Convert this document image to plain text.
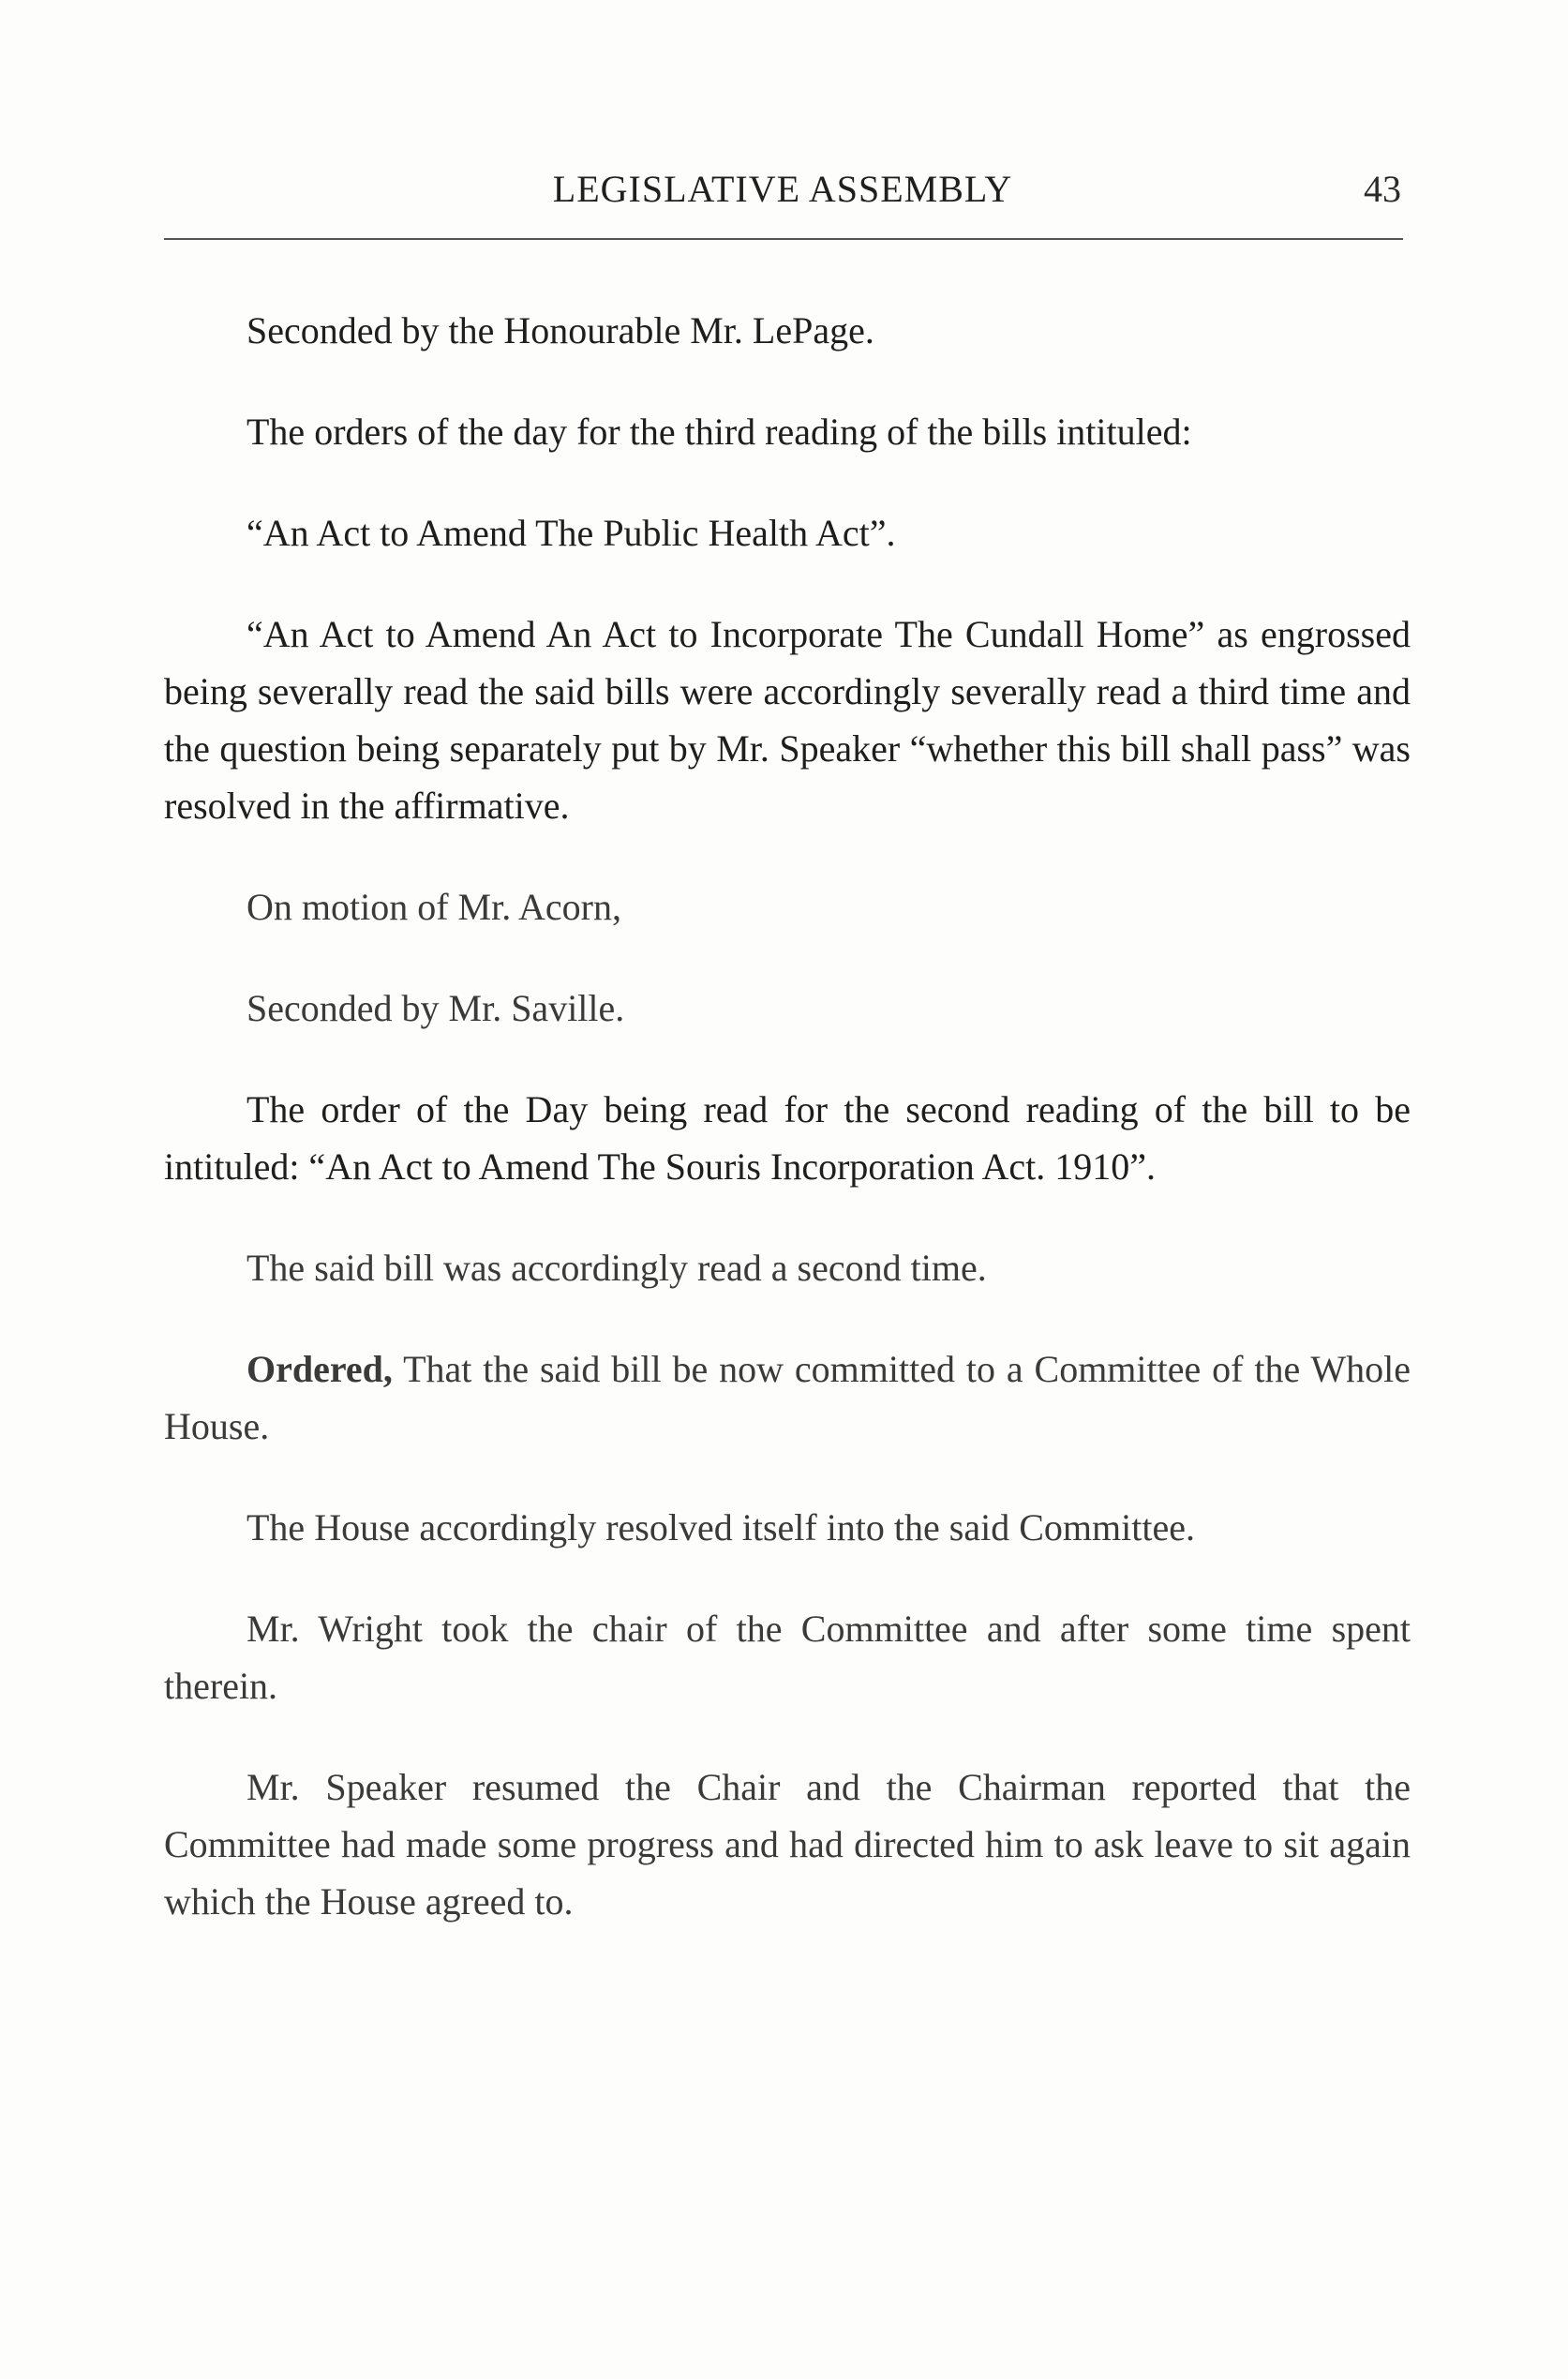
LEGISLATIVE ASSEMBLY	43

Seconded by the Honourable Mr. LePage.

The orders of the day for the third reading of the bills intituled:

“An Act to Amend The Public Health Act”.

“An Act to Amend An Act to Incorporate The Cundall Home” as engrossed being severally read the said bills were accordingly severally read a third time and the question being separately put by Mr. Speaker “whether this bill shall pass” was resolved in the affirmative.

On motion of Mr. Acorn,

Seconded by Mr. Saville.

The order of the Day being read for the second reading of the bill to be intituled: “An Act to Amend The Souris Incorporation Act. 1910”.

The said bill was accordingly read a second time.

Ordered, That the said bill be now committed to a Committee of the Whole House.

The House accordingly resolved itself into the said Committee.

Mr. Wright took the chair of the Committee and after some time spent therein.

Mr. Speaker resumed the Chair and the Chairman reported that the Committee had made some progress and had directed him to ask leave to sit again which the House agreed to.
